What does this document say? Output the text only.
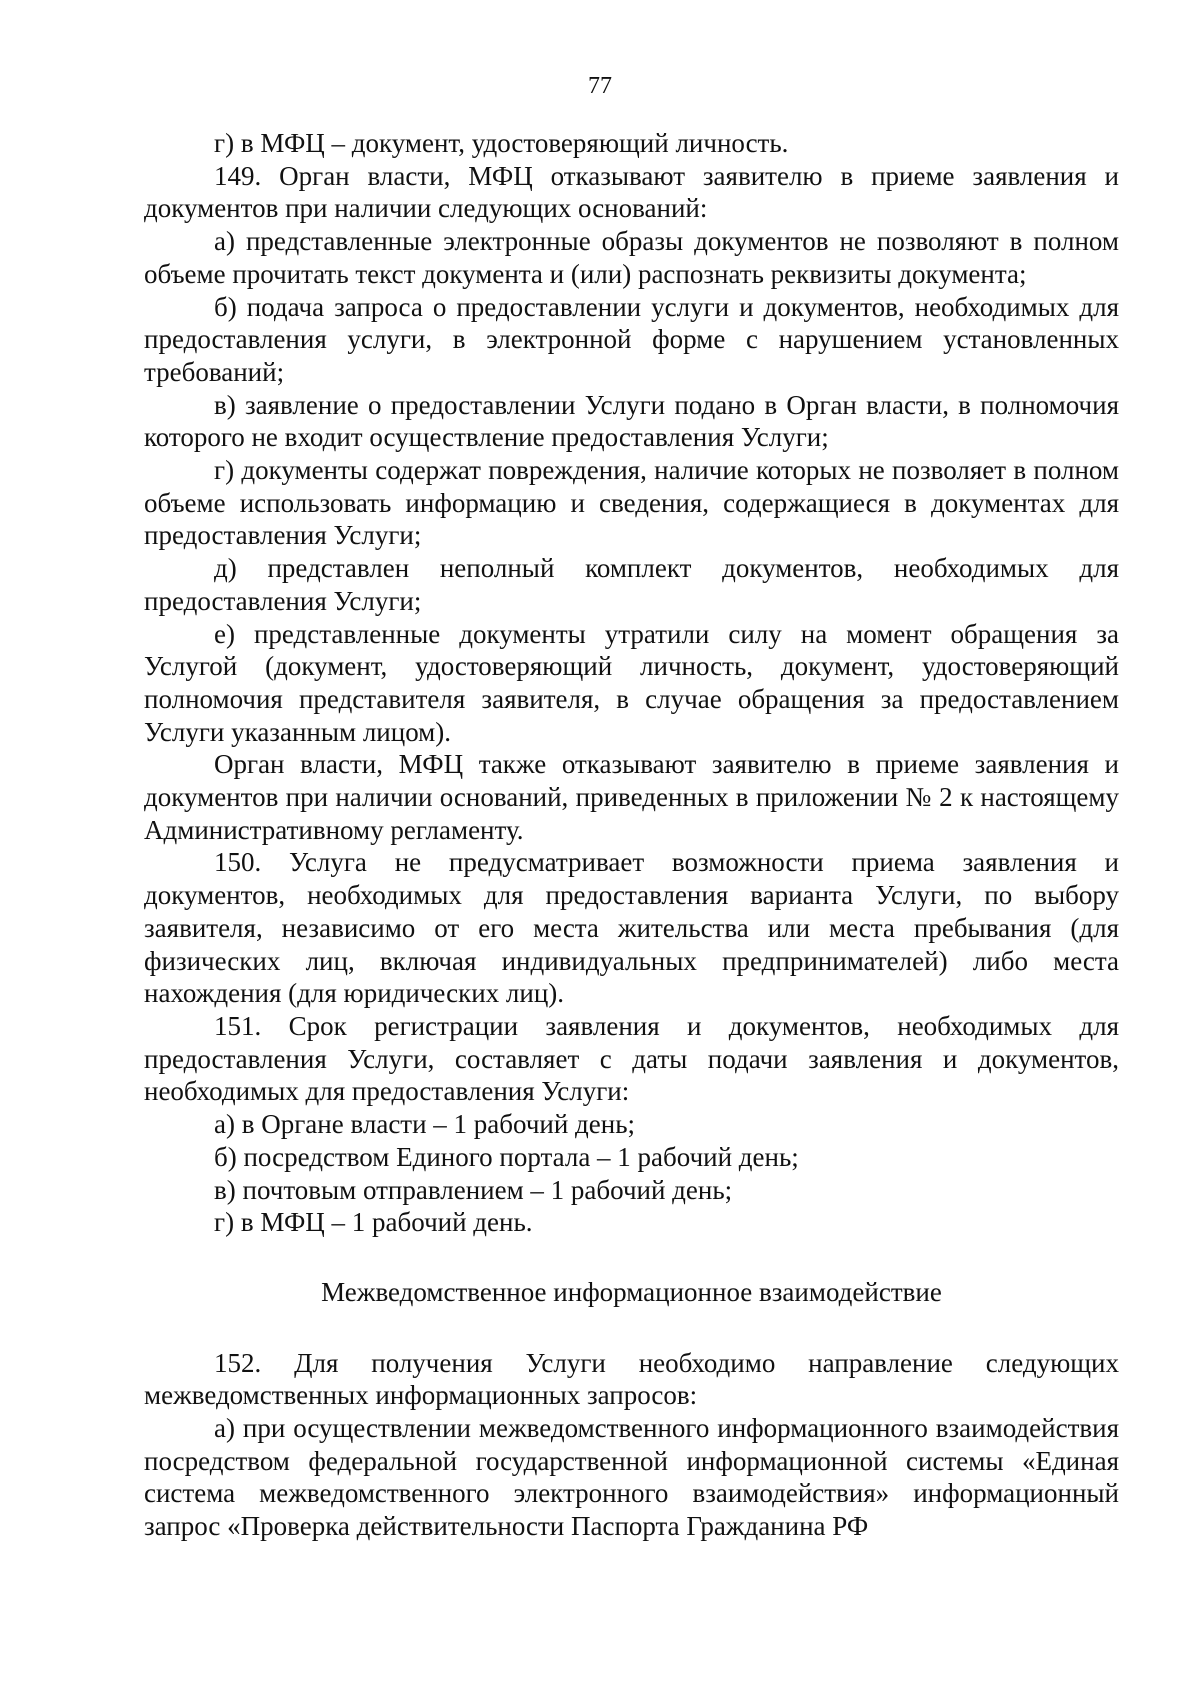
77

г) в МФЦ – документ, удостоверяющий личность.

149. Орган власти, МФЦ отказывают заявителю в приеме заявления и документов при наличии следующих оснований:

а) представленные электронные образы документов не позволяют в полном объеме прочитать текст документа и (или) распознать реквизиты документа;

б) подача запроса о предоставлении услуги и документов, необходимых для предоставления услуги, в электронной форме с нарушением установленных требований;

в) заявление о предоставлении Услуги подано в Орган власти, в полномочия которого не входит осуществление предоставления Услуги;

г) документы содержат повреждения, наличие которых не позволяет в полном объеме использовать информацию и сведения, содержащиеся в документах для предоставления Услуги;

д) представлен неполный комплект документов, необходимых для предоставления Услуги;

е) представленные документы утратили силу на момент обращения за Услугой (документ, удостоверяющий личность, документ, удостоверяющий полномочия представителя заявителя, в случае обращения за предоставлением Услуги указанным лицом).

Орган власти, МФЦ также отказывают заявителю в приеме заявления и документов при наличии оснований, приведенных в приложении № 2 к настоящему Административному регламенту.

150. Услуга не предусматривает возможности приема заявления и документов, необходимых для предоставления варианта Услуги, по выбору заявителя, независимо от его места жительства или места пребывания (для физических лиц, включая индивидуальных предпринимателей) либо места нахождения (для юридических лиц).

151. Срок регистрации заявления и документов, необходимых для предоставления Услуги, составляет с даты подачи заявления и документов, необходимых для предоставления Услуги:

а) в Органе власти – 1 рабочий день;

б) посредством Единого портала – 1 рабочий день;

в) почтовым отправлением – 1 рабочий день;

г) в МФЦ – 1 рабочий день.

Межведомственное информационное взаимодействие

152. Для получения Услуги необходимо направление следующих межведомственных информационных запросов:

а) при осуществлении межведомственного информационного взаимодействия посредством федеральной государственной информационной системы «Единая система межведомственного электронного взаимодействия» информационный запрос «Проверка действительности Паспорта Гражданина РФ
